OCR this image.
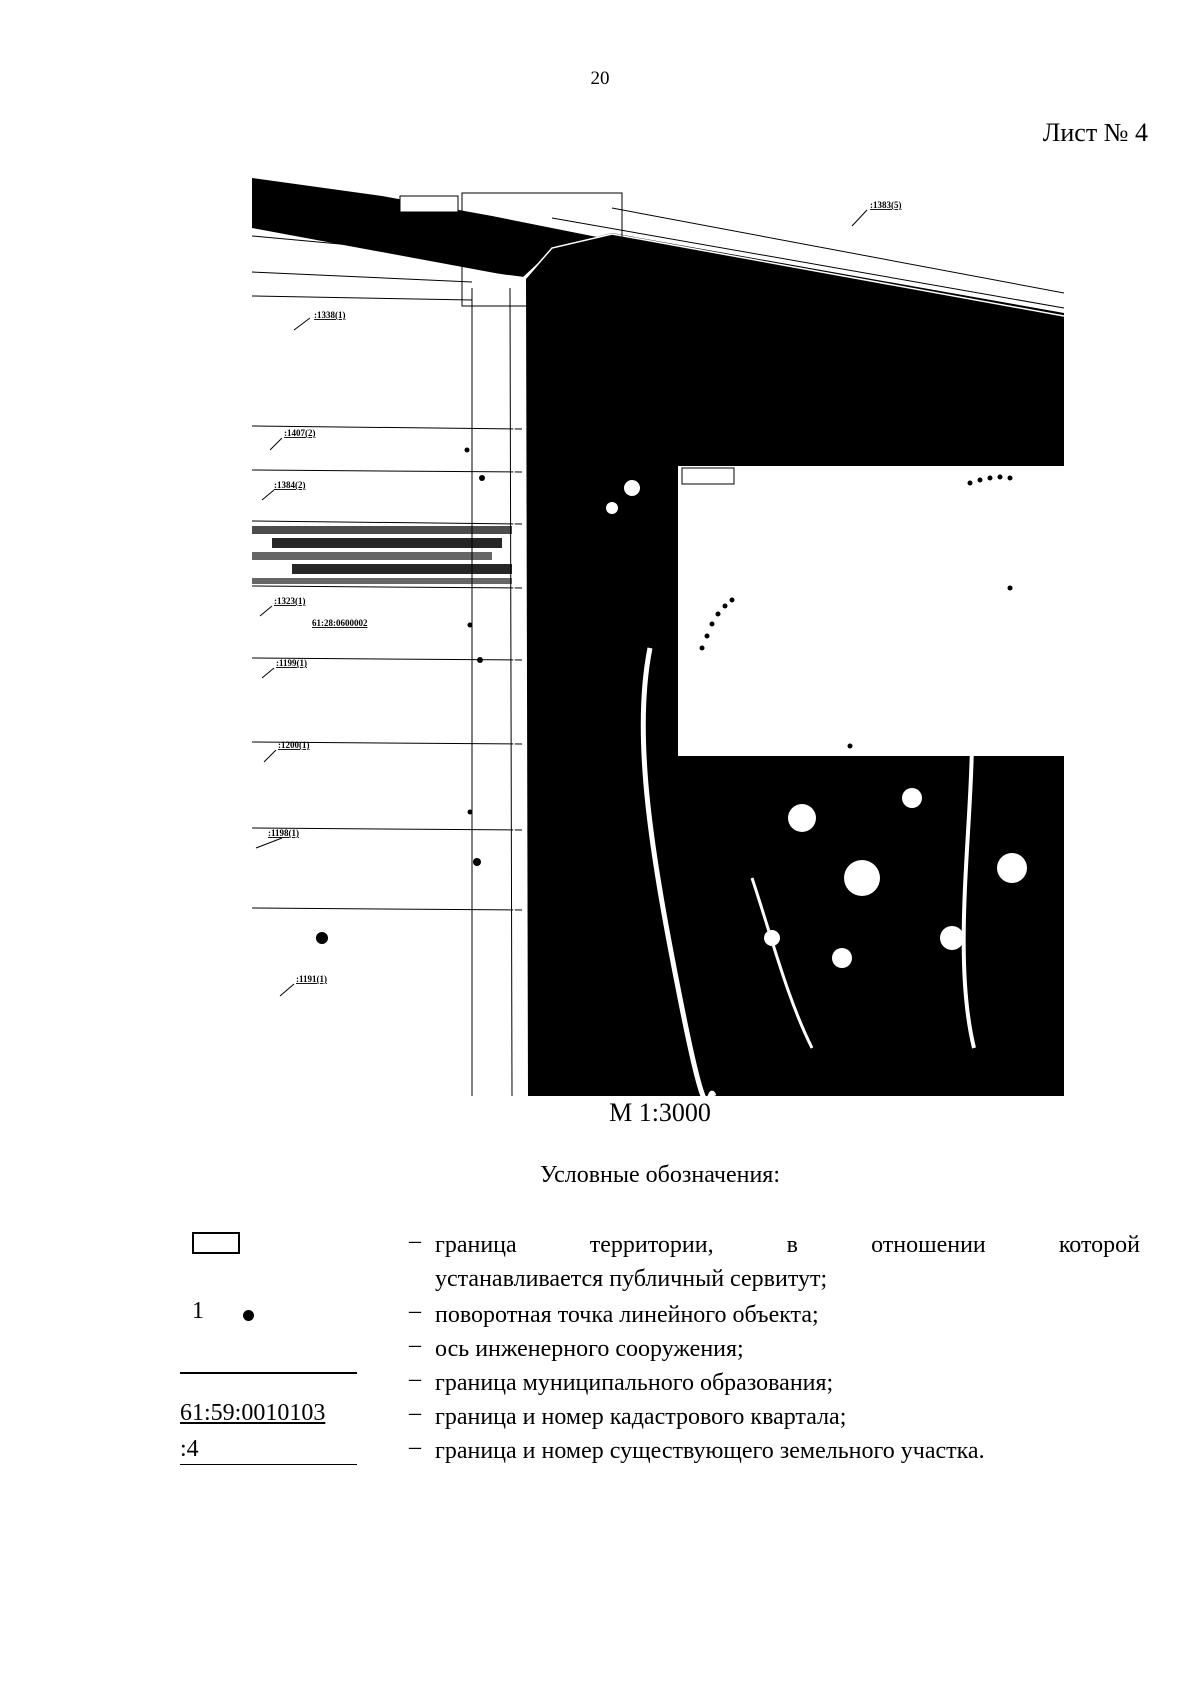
20
Лист № 4
:1383(5)
:1338(1)
:1407(2)
:1384(2)
:1323(1)
61:28:0600002
:1199(1)
:1200(1)
:1198(1)
:1191(1)
М 1:3000
Условные обозначения:
– граница территории, в отношении которой
устанавливается публичный сервитут;
1	– поворотная точка линейного объекта;
– ось инженерного сооружения;
– граница муниципального образования;
61:59:0010103	– граница и номер кадастрового квартала;
:4	– граница и номер существующего земельного участка.
